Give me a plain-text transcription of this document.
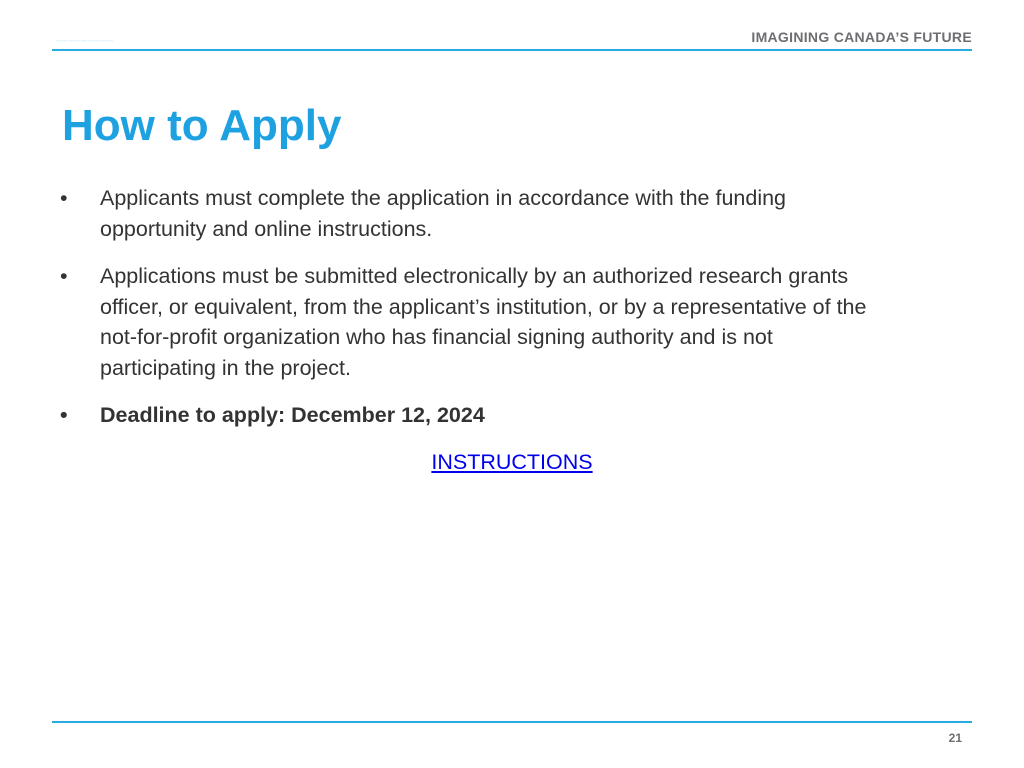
━━━━━━━━━	IMAGINING CANADA’S FUTURE
How to Apply
•	Applicants must complete the application in accordance with the funding opportunity and online instructions.
•	Applications must be submitted electronically by an authorized research grants officer, or equivalent, from the applicant’s institution, or by a representative of the not-for-profit organization who has financial signing authority and is not participating in the project.
•	Deadline to apply: December 12, 2024
INSTRUCTIONS
21
